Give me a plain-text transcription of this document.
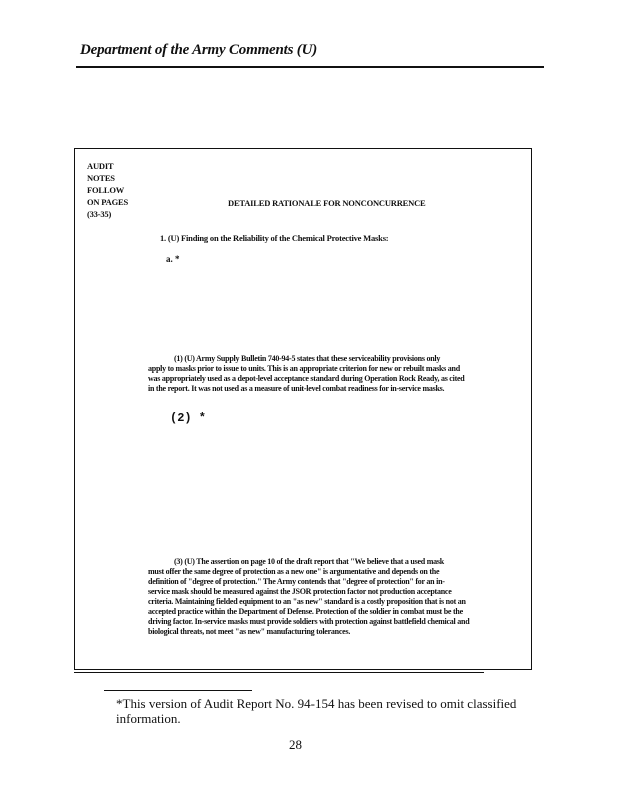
Department of the Army Comments (U)
AUDIT
NOTES
FOLLOW
ON PAGES
(33-35)
DETAILED RATIONALE FOR NONCONCURRENCE
1. (U) Finding on the Reliability of the Chemical Protective Masks:
a. *
(1) (U) Army Supply Bulletin 740-94-5 states that these serviceability provisions only
apply to masks prior to issue to units. This is an appropriate criterion for new or rebuilt masks and
was appropriately used as a depot-level acceptance standard during Operation Rock Ready, as cited
in the report. It was not used as a measure of unit-level combat readiness for in-service masks.
(2) *
(3) (U) The assertion on page 10 of the draft report that "We believe that a used mask
must offer the same degree of protection as a new one" is argumentative and depends on the
definition of "degree of protection." The Army contends that "degree of protection" for an in-
service mask should be measured against the JSOR protection factor not production acceptance
criteria. Maintaining fielded equipment to an "as new" standard is a costly proposition that is not an
accepted practice within the Department of Defense. Protection of the soldier in combat must be the
driving factor. In-service masks must provide soldiers with protection against battlefield chemical and
biological threats, not meet "as new" manufacturing tolerances.
*This version of Audit Report No. 94-154 has been revised to omit classified information.
28
